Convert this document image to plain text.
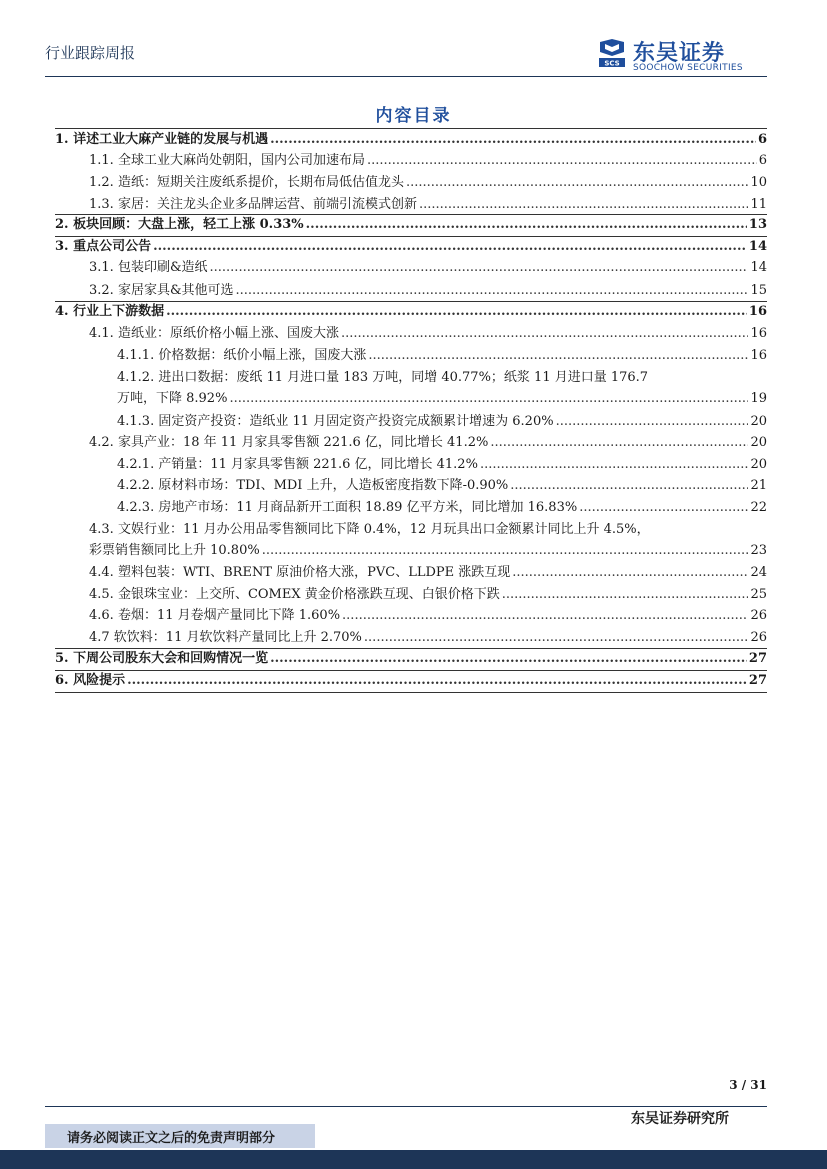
行业跟踪周报
SCS 东吴证券
SOOCHOW SECURITIES
内容目录
1. 详述工业大麻产业链的发展与机遇 .....	6
1.1. 全球工业大麻尚处朝阳，国内公司加速布局 .....	6
1.2. 造纸：短期关注废纸系提价，长期布局低估值龙头 .....	10
1.3. 家居：关注龙头企业多品牌运营、前端引流模式创新 .....	11
2. 板块回顾：大盘上涨，轻工上涨 0.33% .....	13
3. 重点公司公告 .....	14
3.1. 包装印刷&造纸 .....	14
3.2. 家居家具&其他可选 .....	15
4. 行业上下游数据 .....	16
4.1. 造纸业：原纸价格小幅上涨、国废大涨 .....	16
4.1.1. 价格数据：纸价小幅上涨，国废大涨 .....	16
4.1.2. 进出口数据：废纸 11 月进口量 183 万吨，同增 40.77%；纸浆 11 月进口量 176.7
万吨，下降 8.92% .....	19
4.1.3. 固定资产投资：造纸业 11 月固定资产投资完成额累计增速为 6.20% .....	20
4.2. 家具产业：18 年 11 月家具零售额 221.6 亿，同比增长 41.2% .....	20
4.2.1. 产销量：11 月家具零售额 221.6 亿，同比增长 41.2% .....	20
4.2.2. 原材料市场：TDI、MDI 上升，人造板密度指数下降-0.90% .....	21
4.2.3. 房地产市场：11 月商品新开工面积 18.89 亿平方米，同比增加 16.83% .....	22
4.3. 文娱行业：11 月办公用品零售额同比下降 0.4%，12 月玩具出口金额累计同比上升 4.5%，
彩票销售额同比上升 10.80% .....	23
4.4. 塑料包装：WTI、BRENT 原油价格大涨，PVC、LLDPE 涨跌互现 .....	24
4.5. 金银珠宝业：上交所、COMEX 黄金价格涨跌互现、白银价格下跌 .....	25
4.6. 卷烟：11 月卷烟产量同比下降 1.60% .....	26
4.7 软饮料：11 月软饮料产量同比上升 2.70% .....	26
5. 下周公司股东大会和回购情况一览 .....	27
6. 风险提示 .....	27
3 / 31
东吴证券研究所
请务必阅读正文之后的免责声明部分
